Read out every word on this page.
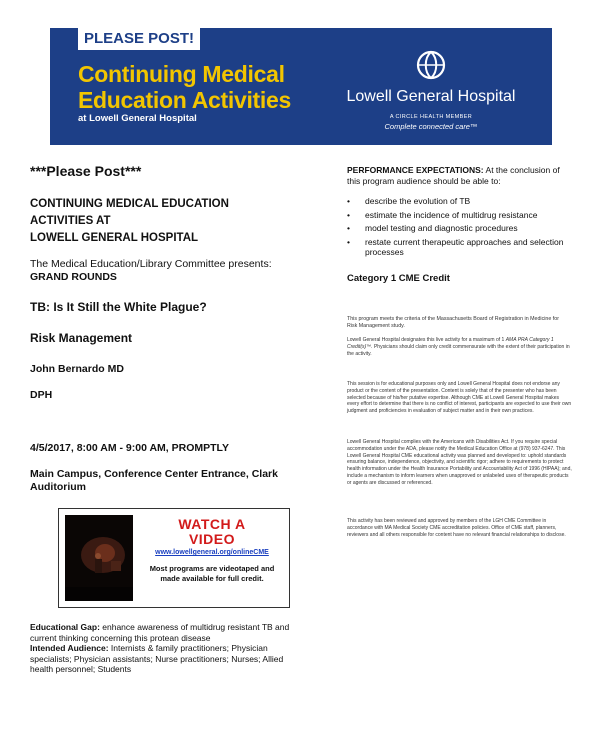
PLEASE POST!
Continuing Medical
Education Activities
at Lowell General Hospital
Lowell General Hospital
A CIRCLE HEALTH MEMBER
Complete connected care™
***Please Post***
CONTINUING MEDICAL EDUCATION
ACTIVITIES AT
LOWELL GENERAL HOSPITAL
The Medical Education/Library Committee presents:
GRAND ROUNDS
TB: Is It Still the White Plague?
Risk Management
John Bernardo MD
DPH
4/5/2017, 8:00 AM - 9:00 AM, PROMPTLY
Main Campus, Conference Center Entrance, Clark Auditorium
WATCH A
VIDEO
www.lowellgeneral.org/onlineCME
Most programs are videotaped and made available for full credit.
Educational Gap: enhance awareness of multidrug resistant TB and current thinking concerning this protean disease
Intended Audience: Internists & family practitioners; Physician specialists; Physician assistants; Nurse practitioners; Nurses; Allied health personnel; Students
PERFORMANCE EXPECTATIONS: At the conclusion of this program audience should be able to:
• describe the evolution of TB
• estimate the incidence of multidrug resistance
• model testing and diagnostic procedures
• restate current therapeutic approaches and selection processes
Category 1 CME Credit
This program meets the criteria of the Massachusetts Board of Registration in Medicine for Risk Management study.
Lowell General Hospital designates this live activity for a maximum of 1 AMA PRA Category 1 Credit(s)™. Physicians should claim only credit commensurate with the extent of their participation in the activity.
This session is for educational purposes only and Lowell General Hospital does not endorse any product or the content of the presentation. Content is solely that of the presenter who has been selected because of his/her putative expertise. Although CME at Lowell General Hospital makes every effort to determine that there is no conflict of interest, participants are expected to use their own judgment and proficiencies in evaluation of subject matter and in their own practices.
Lowell General Hospital complies with the Americans with Disabilities Act. If you require special accommodation under the ADA, please notify the Medical Education Office at (978) 937-6247. This Lowell General Hospital CME educational activity was planned and developed to: uphold standards ensuring balance, independence, objectivity, and scientific rigor; adhere to requirements to protect health information under the Health Insurance Portability and Accountability Act of 1996 (HIPAA); and, include a mechanism to inform learners when unapproved or unlabeled uses of therapeutic products or agents are discussed or referenced.
This activity has been reviewed and approved by members of the LGH CME Committee in accordance with MA Medical Society CME accreditation policies. Office of CME staff, planners, reviewers and all others responsible for content have no relevant financial relationships to disclose.
